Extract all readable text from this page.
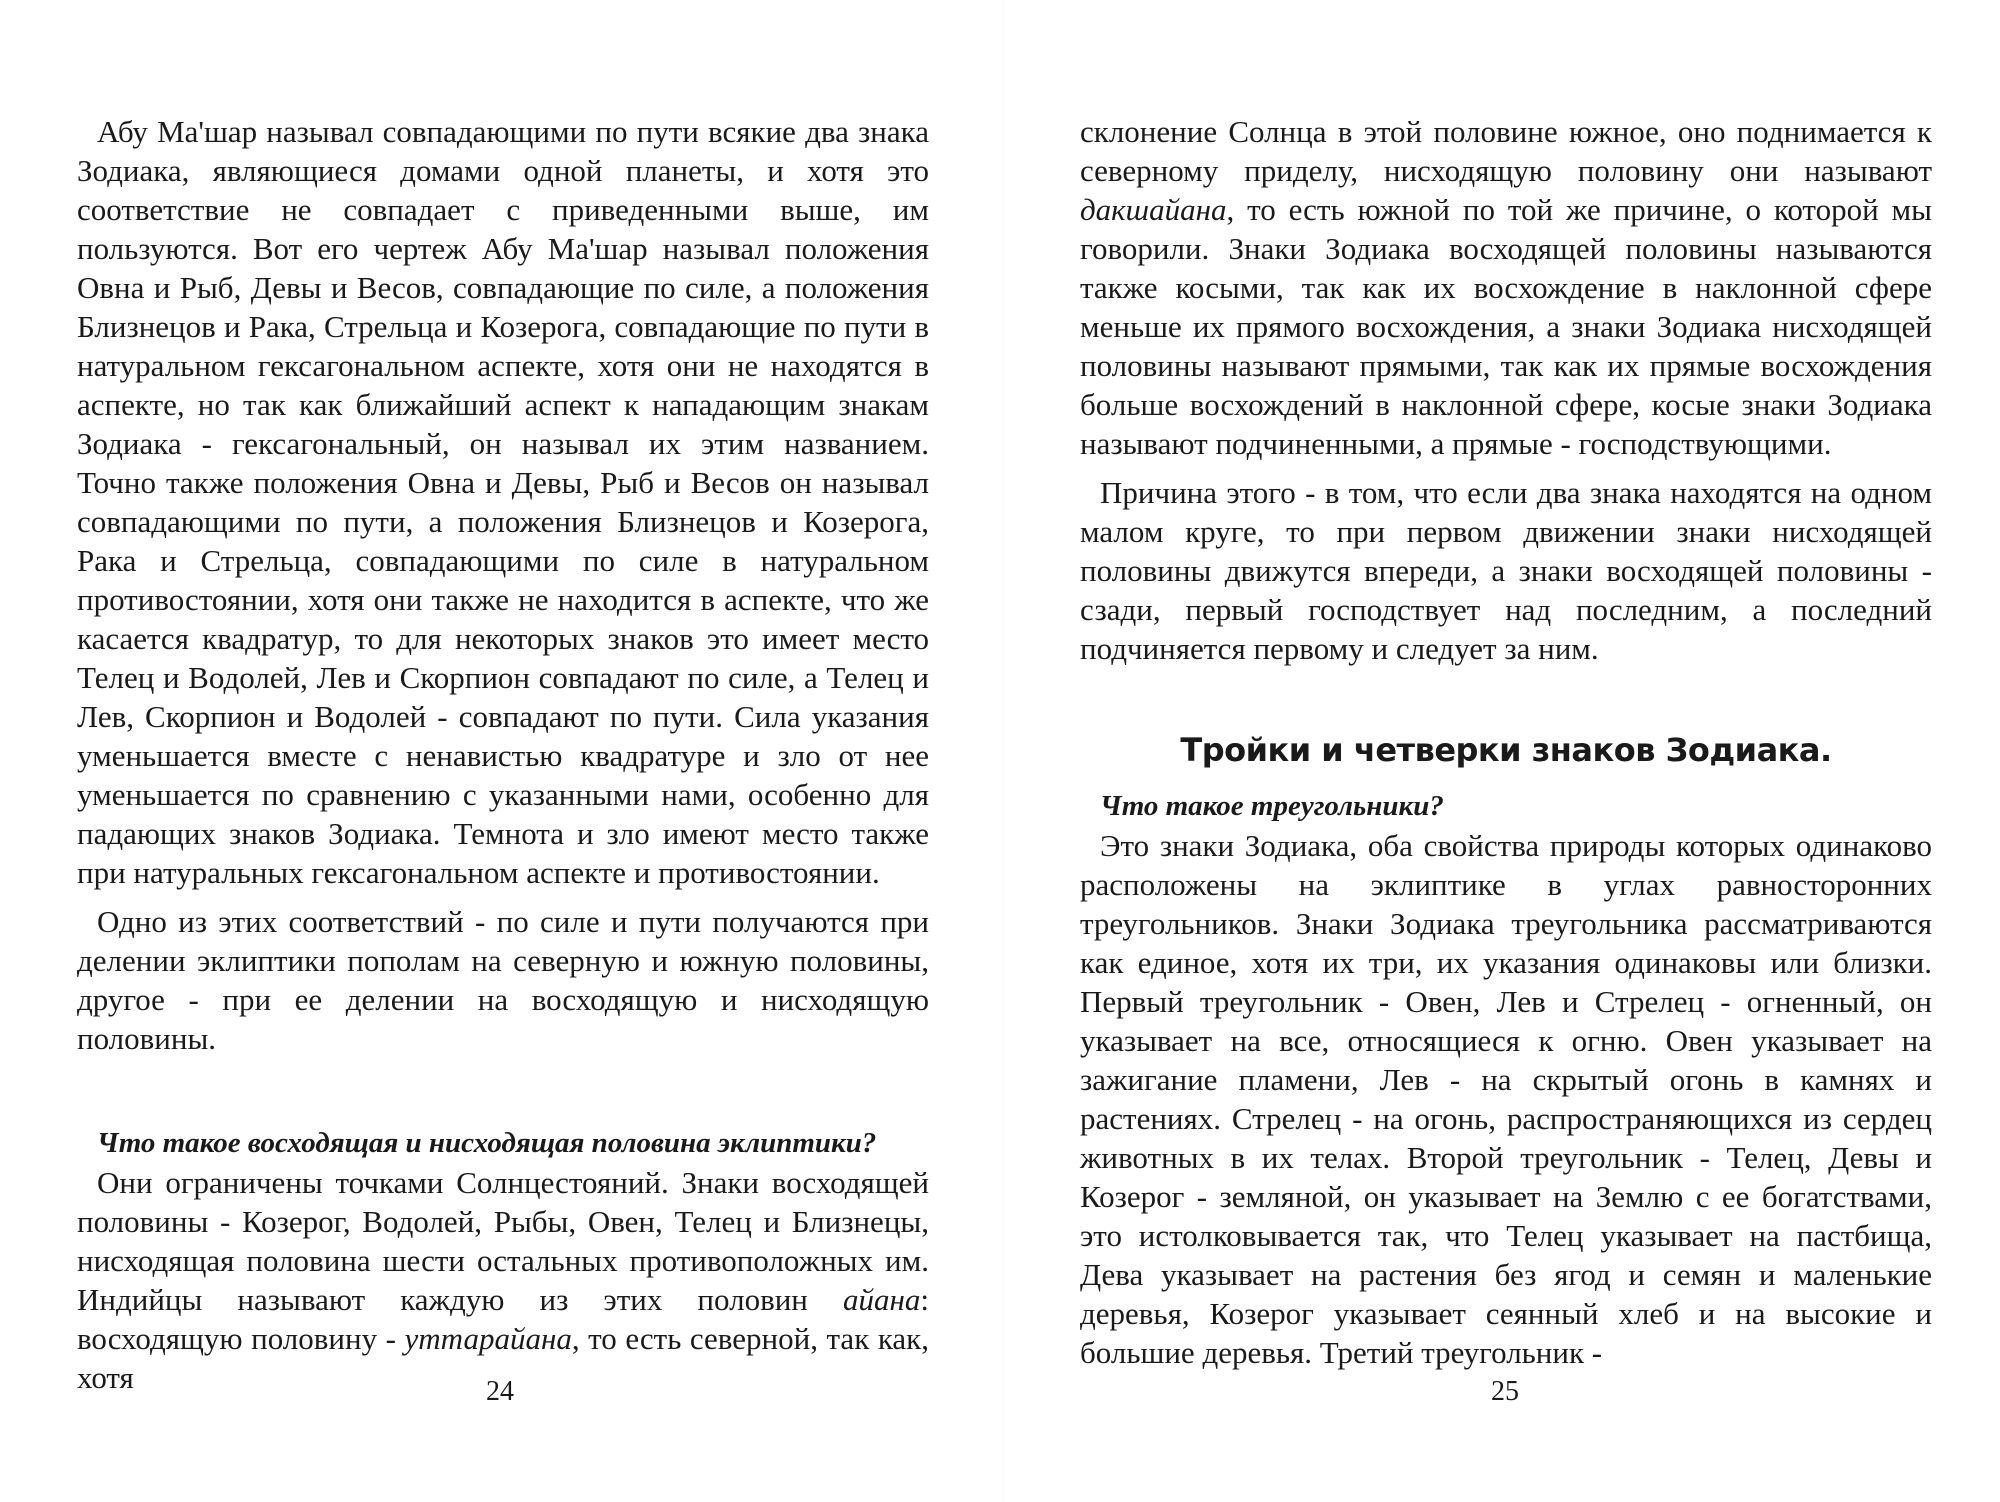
Абу Ма'шар называл совпадающими по пути всякие два знака Зодиака, являющиеся домами одной планеты, и хотя это соответствие не совпадает с приведенными выше, им пользуются. Вот его чертеж Абу Ма'шар называл положения Овна и Рыб, Девы и Весов, совпадающие по силе, а положения Близнецов и Рака, Стрельца и Козерога, совпадающие по пути в натуральном гексагональном аспекте, хотя они не находятся в аспекте, но так как ближайший аспект к нападающим знакам Зодиака - гексагональный, он называл их этим названием. Точно также положения Овна и Девы, Рыб и Весов он называл совпадающими по пути, а положения Близнецов и Козерога, Рака и Стрельца, совпадающими по силе в натуральном противостоянии, хотя они также не находится в аспекте, что же касается квадратур, то для некоторых знаков это имеет место Телец и Водолей, Лев и Скорпион совпадают по силе, а Телец и Лев, Скорпион и Водолей - совпадают по пути. Сила указания уменьшается вместе с ненавистью квадратуре и зло от нее уменьшается по сравнению с указанными нами, особенно для падающих знаков Зодиака. Темнота и зло имеют место также при натуральных гексагональном аспекте и противостоянии.

Одно из этих соответствий - по силе и пути получаются при делении эклиптики пополам на северную и южную половины, другое - при ее делении на восходящую и нисходящую половины.

Что такое восходящая и нисходящая половина эклиптики?

Они ограничены точками Солнцестояний. Знаки восходящей половины - Козерог, Водолей, Рыбы, Овен, Телец и Близнецы, нисходящая половина шести остальных противоположных им. Индийцы называют каждую из этих половин айана: восходящую половину - уттарайана, то есть северной, так как, хотя	24

склонение Солнца в этой половине южное, оно поднимается к северному приделу, нисходящую половину они называют дакшайана, то есть южной по той же причине, о которой мы говорили. Знаки Зодиака восходящей половины называются также косыми, так как их восхождение в наклонной сфере меньше их прямого восхождения, а знаки Зодиака нисходящей половины называют прямыми, так как их прямые восхождения больше восхождений в наклонной сфере, косые знаки Зодиака называют подчиненными, а прямые - господствующими.

Причина этого - в том, что если два знака находятся на одном малом круге, то при первом движении знаки нисходящей половины движутся впереди, а знаки восходящей половины - сзади, первый господствует над последним, а последний подчиняется первому и следует за ним.

Тройки и четверки знаков Зодиака.
Что такое треугольники?

Это знаки Зодиака, оба свойства природы которых одинаково расположены на эклиптике в углах равносторонних треугольников. Знаки Зодиака треугольника рассматриваются как единое, хотя их три, их указания одинаковы или близки. Первый треугольник - Овен, Лев и Стрелец - огненный, он указывает на все, относящиеся к огню. Овен указывает на зажигание пламени, Лев - на скрытый огонь в камнях и растениях. Стрелец - на огонь, распространяющихся из сердец животных в их телах. Второй треугольник - Телец, Девы и Козерог - земляной, он указывает на Землю с ее богатствами, это истолковывается так, что Телец указывает на пастбища, Дева указывает на растения без ягод и семян и маленькие деревья, Козерог указывает сеянный хлеб и на высокие и большие деревья. Третий треугольник -

25
